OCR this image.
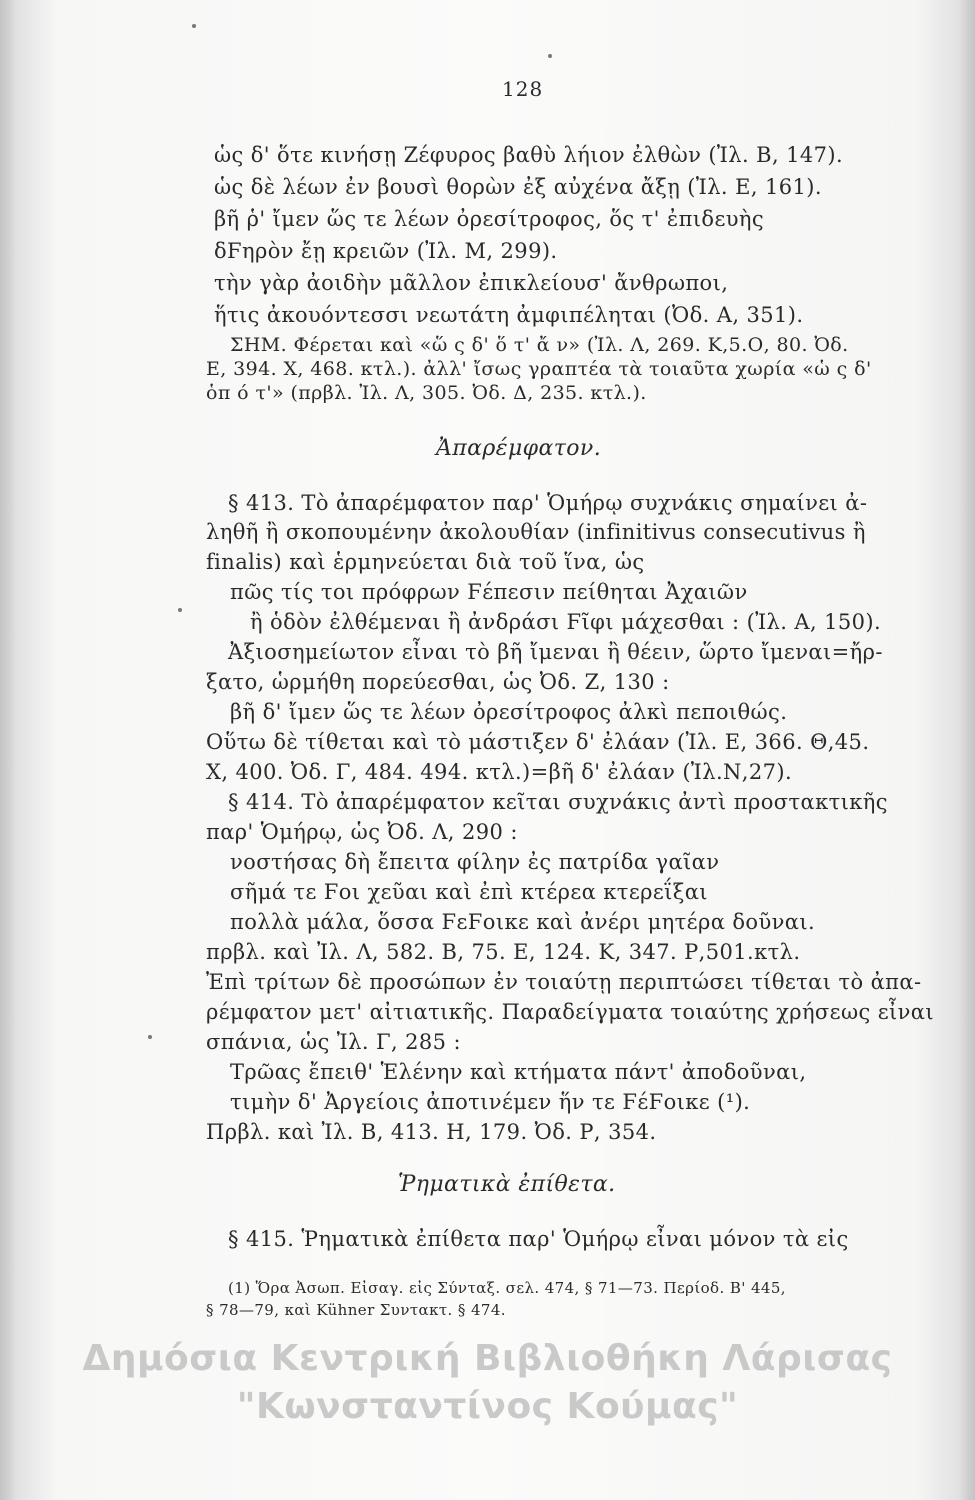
128
ὡς δ' ὅτε κινήσῃ Ζέφυρος βαθὺ λήιον ἐλθὼν (Ἰλ. Β, 147).
ὡς δὲ λέων ἐν βουσὶ θορὼν ἐξ αὐχένα ἄξῃ (Ἰλ. Ε, 161).
βῆ ῥ' ἴμεν ὥς τε λέων ὀρεσίτροφος, ὅς τ' ἐπιδευὴς
δϜηρὸν ἔῃ κρειῶν (Ἰλ. Μ, 299).
τὴν γὰρ ἀοιδὴν μᾶλλον ἐπικλείουσ' ἄνθρωποι,
ἥτις ἀκουόντεσσι νεωτάτη ἀμφιπέληται (Ὀδ. Α, 351).
ΣΗΜ. Φέρεται καὶ «ὥ ς δ' ὅ τ' ἄ ν» (Ἰλ. Λ, 269. Κ,5.Ο, 80. Ὀδ.
Ε, 394. Χ, 468. κτλ.). ἀλλ' ἴσως γραπτέα τὰ τοιαῦτα χωρία «ὡ ς δ'
ὁπ ό τ'» (πρβλ. Ἰλ. Λ, 305. Ὀδ. Δ, 235. κτλ.).
Ἀπαρέμφατον.
§ 413. Τὸ ἀπαρέμφατον παρ' Ὁμήρῳ συχνάκις σημαίνει ἀ-
ληθῆ ἢ σκοπουμένην ἀκολουθίαν (infinitivus consecutivus ἢ
finalis) καὶ ἑρμηνεύεται διὰ τοῦ ἵνα, ὡς
πῶς τίς τοι πρόφρων Ϝέπεσιν πείθηται Ἀχαιῶν
ἢ ὁδὸν ἐλθέμεναι ἢ ἀνδράσι Ϝῖφι μάχεσθαι : (Ἰλ. Α, 150).
Ἀξιοσημείωτον εἶναι τὸ βῆ ἴμεναι ἢ θέειν, ὥρτο ἴμεναι=ἤρ-
ξατο, ὡρμήθη πορεύεσθαι, ὡς Ὀδ. Ζ, 130 :
βῆ δ' ἴμεν ὥς τε λέων ὀρεσίτροφος ἀλκὶ πεποιθώς.
Οὕτω δὲ τίθεται καὶ τὸ μάστιξεν δ' ἐλάαν (Ἰλ. Ε, 366. Θ,45.
Χ, 400. Ὀδ. Γ, 484. 494. κτλ.)=βῆ δ' ἐλάαν (Ἰλ.Ν,27).
§ 414. Τὸ ἀπαρέμφατον κεῖται συχνάκις ἀντὶ προστακτικῆς
παρ' Ὁμήρῳ, ὡς Ὀδ. Λ, 290 :
νοστήσας δὴ ἔπειτα φίλην ἐς πατρίδα γαῖαν
σῆμά τε Ϝοι χεῦαι καὶ ἐπὶ κτέρεα κτερεΐξαι
πολλὰ μάλα, ὅσσα ϜεϜοικε καὶ ἀνέρι μητέρα δοῦναι.
πρβλ. καὶ Ἰλ. Λ, 582. Β, 75. Ε, 124. Κ, 347. Ρ,501.κτλ.
Ἐπὶ τρίτων δὲ προσώπων ἐν τοιαύτῃ περιπτώσει τίθεται τὸ ἀπα-
ρέμφατον μετ' αἰτιατικῆς. Παραδείγματα τοιαύτης χρήσεως εἶναι
σπάνια, ὡς Ἰλ. Γ, 285 :
Τρῶας ἔπειθ' Ἑλένην καὶ κτήματα πάντ' ἀποδοῦναι,
τιμὴν δ' Ἀργείοις ἀποτινέμεν ἥν τε ϜέϜοικε (¹).
Πρβλ. καὶ Ἰλ. Β, 413. Η, 179. Ὀδ. Ρ, 354.
Ῥηματικὰ ἐπίθετα.
§ 415. Ῥηματικὰ ἐπίθετα παρ' Ὁμήρῳ εἶναι μόνον τὰ εἰς
(1) Ὅρα Ἀσωπ. Εἰσαγ. εἰς Σύνταξ. σελ. 474, § 71—73. Περίοδ. Β' 445,
§ 78—79, καὶ Kühner Συντακτ. § 474.
Δημόσια Κεντρική Βιβλιοθήκη Λάρισας
"Κωνσταντίνος Κούμας"
